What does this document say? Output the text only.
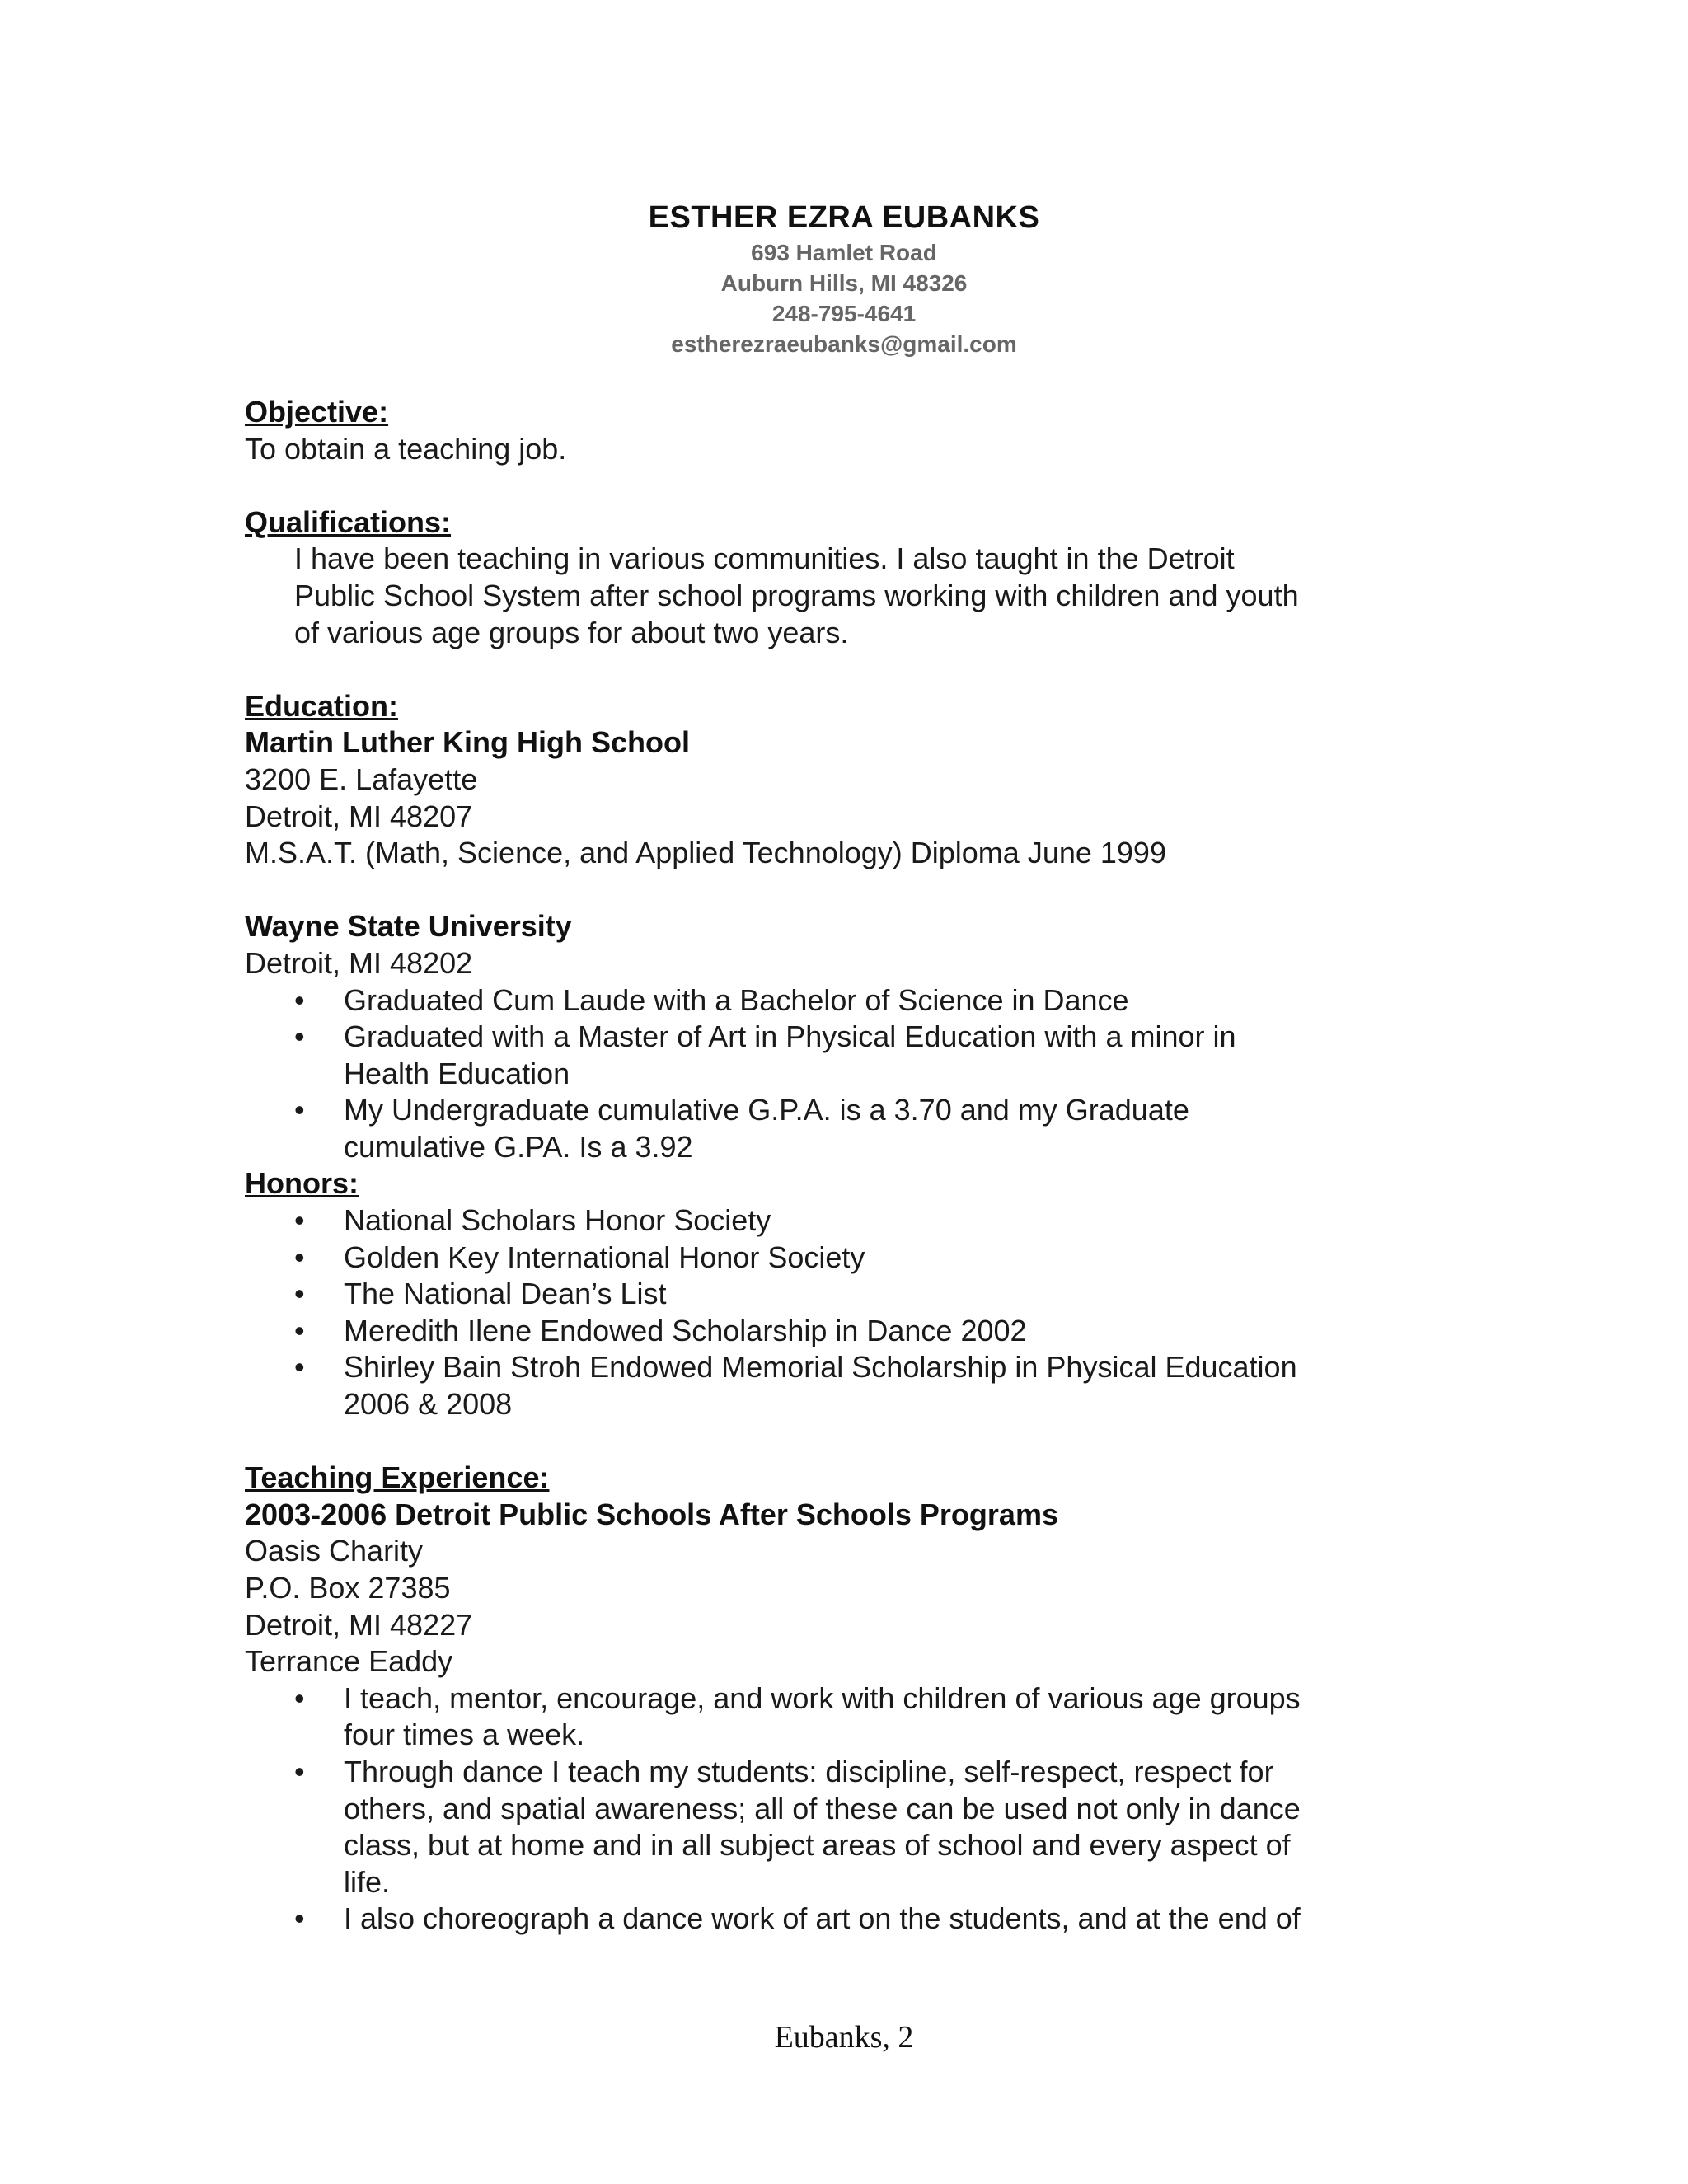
ESTHER EZRA EUBANKS
693 Hamlet Road
Auburn Hills, MI 48326
248-795-4641
estherezraeubanks@gmail.com
Objective:
To obtain a teaching job.
Qualifications:
I have been teaching in various communities. I also taught in the Detroit
Public School System after school programs working with children and youth
of various age groups for about two years.
Education:
Martin Luther King High School
3200 E. Lafayette
Detroit, MI 48207
M.S.A.T. (Math, Science, and Applied Technology) Diploma June 1999
Wayne State University
Detroit, MI 48202
• Graduated Cum Laude with a Bachelor of Science in Dance
• Graduated with a Master of Art in Physical Education with a minor in
Health Education
• My Undergraduate cumulative G.P.A. is a 3.70 and my Graduate
cumulative G.PA. Is a 3.92
Honors:
• National Scholars Honor Society
• Golden Key International Honor Society
• The National Dean’s List
• Meredith Ilene Endowed Scholarship in Dance 2002
• Shirley Bain Stroh Endowed Memorial Scholarship in Physical Education
2006 & 2008
Teaching Experience:
2003-2006 Detroit Public Schools After Schools Programs
Oasis Charity
P.O. Box 27385
Detroit, MI 48227
Terrance Eaddy
• I teach, mentor, encourage, and work with children of various age groups
four times a week.
• Through dance I teach my students: discipline, self-respect, respect for
others, and spatial awareness; all of these can be used not only in dance
class, but at home and in all subject areas of school and every aspect of
life.
• I also choreograph a dance work of art on the students, and at the end of
Eubanks, 2
